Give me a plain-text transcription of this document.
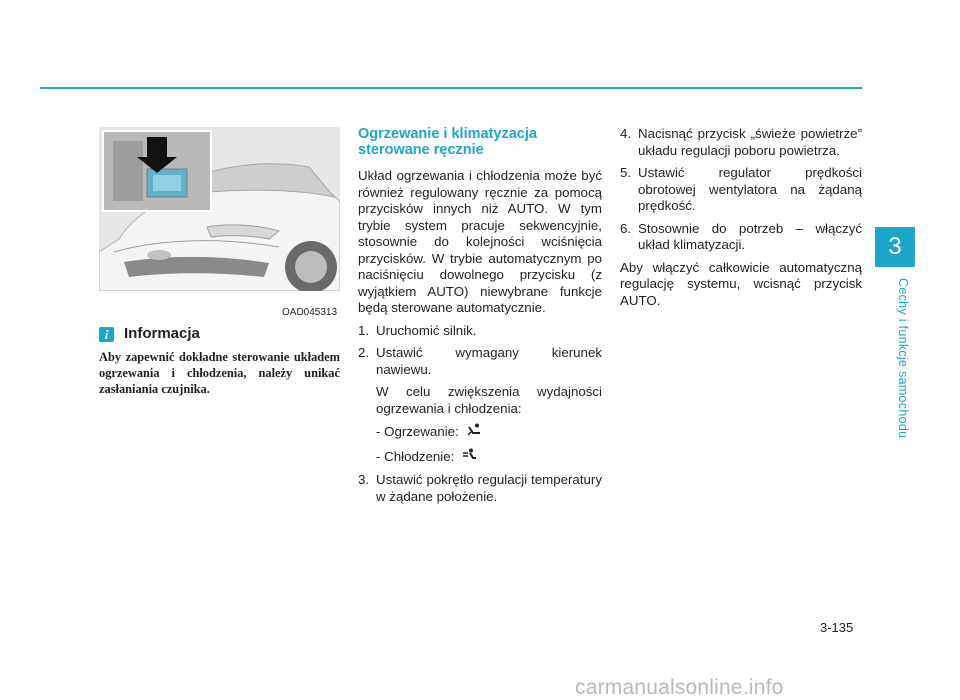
3
Cechy i funkcje samochodu
OAD045313
i	Informacja
Aby zapewnić dokładne sterowanie układem ogrzewania i chłodzenia, należy unikać zasłaniania czujnika.
Ogrzewanie i klimatyzacja sterowane ręcznie

Układ ogrzewania i chłodzenia może być również regulowany ręcznie za pomocą przycisków innych niż AUTO. W tym trybie system pracuje sekwencyjnie, stosownie do kolejności wciśnięcia przycisków. W trybie automatycznym po naciśnięciu dowolnego przycisku (z wyjątkiem AUTO) niewybrane funkcje będą sterowane automatycznie.

1. Uruchomić silnik.
2. Ustawić wymagany kierunek nawiewu.
W celu zwiększenia wydajności ogrzewania i chłodzenia:
- Ogrzewanie:
- Chłodzenie:
3. Ustawić pokrętło regulacji temperatury w żądane położenie.
4. Nacisnąć przycisk „świeże powietrze” układu regulacji poboru powietrza.
5. Ustawić regulator prędkości obrotowej wentylatora na żądaną prędkość.
6. Stosownie do potrzeb – włączyć układ klimatyzacji.

Aby włączyć całkowicie automatyczną regulację systemu, wcisnąć przycisk AUTO.

3-135
carmanualsonline.info
